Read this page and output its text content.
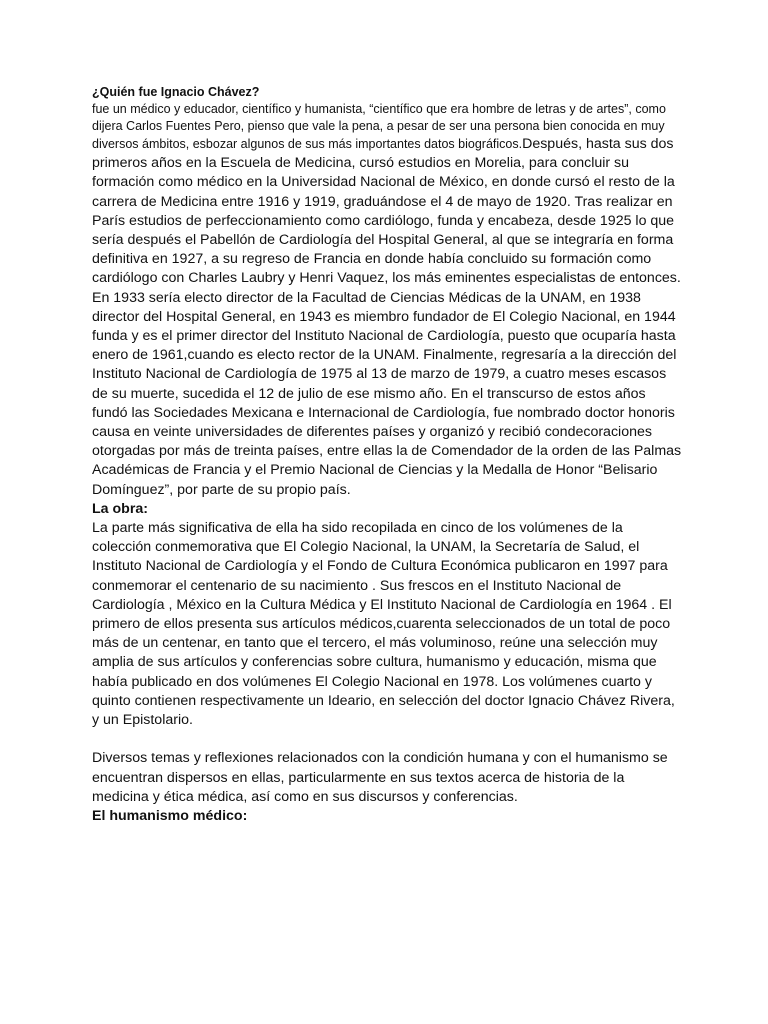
¿Quién fue Ignacio Chávez?

fue un médico y educador, científico y humanista, “científico que era hombre de letras y de artes”, como dijera Carlos Fuentes Pero, pienso que vale la pena, a pesar de ser una persona bien conocida en muy diversos ámbitos, esbozar algunos de sus más importantes datos biográficos.Después, hasta sus dos primeros años en la Escuela de Medicina, cursó estudios en Morelia, para concluir su formación como médico en la Universidad Nacional de México, en donde cursó el resto de la carrera de Medicina entre 1916 y 1919, graduándose el 4 de mayo de 1920. Tras realizar en París estudios de perfeccionamiento como cardiólogo, funda y encabeza, desde 1925 lo que sería después el Pabellón de Cardiología del Hospital General, al que se integraría en forma definitiva en 1927, a su regreso de Francia en donde había concluido su formación como cardiólogo con Charles Laubry y Henri Vaquez, los más eminentes especialistas de entonces. En 1933 sería electo director de la Facultad de Ciencias Médicas de la UNAM, en 1938 director del Hospital General, en 1943 es miembro fundador de El Colegio Nacional, en 1944 funda y es el primer director del Instituto Nacional de Cardiología, puesto que ocuparía hasta enero de 1961,cuando es electo rector de la UNAM. Finalmente, regresaría a la dirección del Instituto Nacional de Cardiología de 1975 al 13 de marzo de 1979, a cuatro meses escasos de su muerte, sucedida el 12 de julio de ese mismo año. En el transcurso de estos años fundó las Sociedades Mexicana e Internacional de Cardiología, fue nombrado doctor honoris causa en veinte universidades de diferentes países y organizó y recibió condecoraciones otorgadas por más de treinta países, entre ellas la de Comendador de la orden de las Palmas Académicas de Francia y el Premio Nacional de Ciencias y la Medalla de Honor “Belisario Domínguez”, por parte de su propio país.

La obra:

La parte más significativa de ella ha sido recopilada en cinco de los volúmenes de la colección conmemorativa que El Colegio Nacional, la UNAM, la Secretaría de Salud, el Instituto Nacional de Cardiología y el Fondo de Cultura Económica publicaron en 1997 para conmemorar el centenario de su nacimiento . Sus frescos en el Instituto Nacional de Cardiología , México en la Cultura Médica y El Instituto Nacional de Cardiología en 1964 . El primero de ellos presenta sus artículos médicos,cuarenta seleccionados de un total de poco más de un centenar, en tanto que el tercero, el más voluminoso, reúne una selección muy amplia de sus artículos y conferencias sobre cultura, humanismo y educación, misma que había publicado en dos volúmenes El Colegio Nacional en 1978. Los volúmenes cuarto y quinto contienen respectivamente un Ideario, en selección del doctor Ignacio Chávez Rivera, y un Epistolario.

Diversos temas y reflexiones relacionados con la condición humana y con el humanismo se encuentran dispersos en ellas, particularmente en sus textos acerca de historia de la medicina y ética médica, así como en sus discursos y conferencias.

El humanismo médico:
